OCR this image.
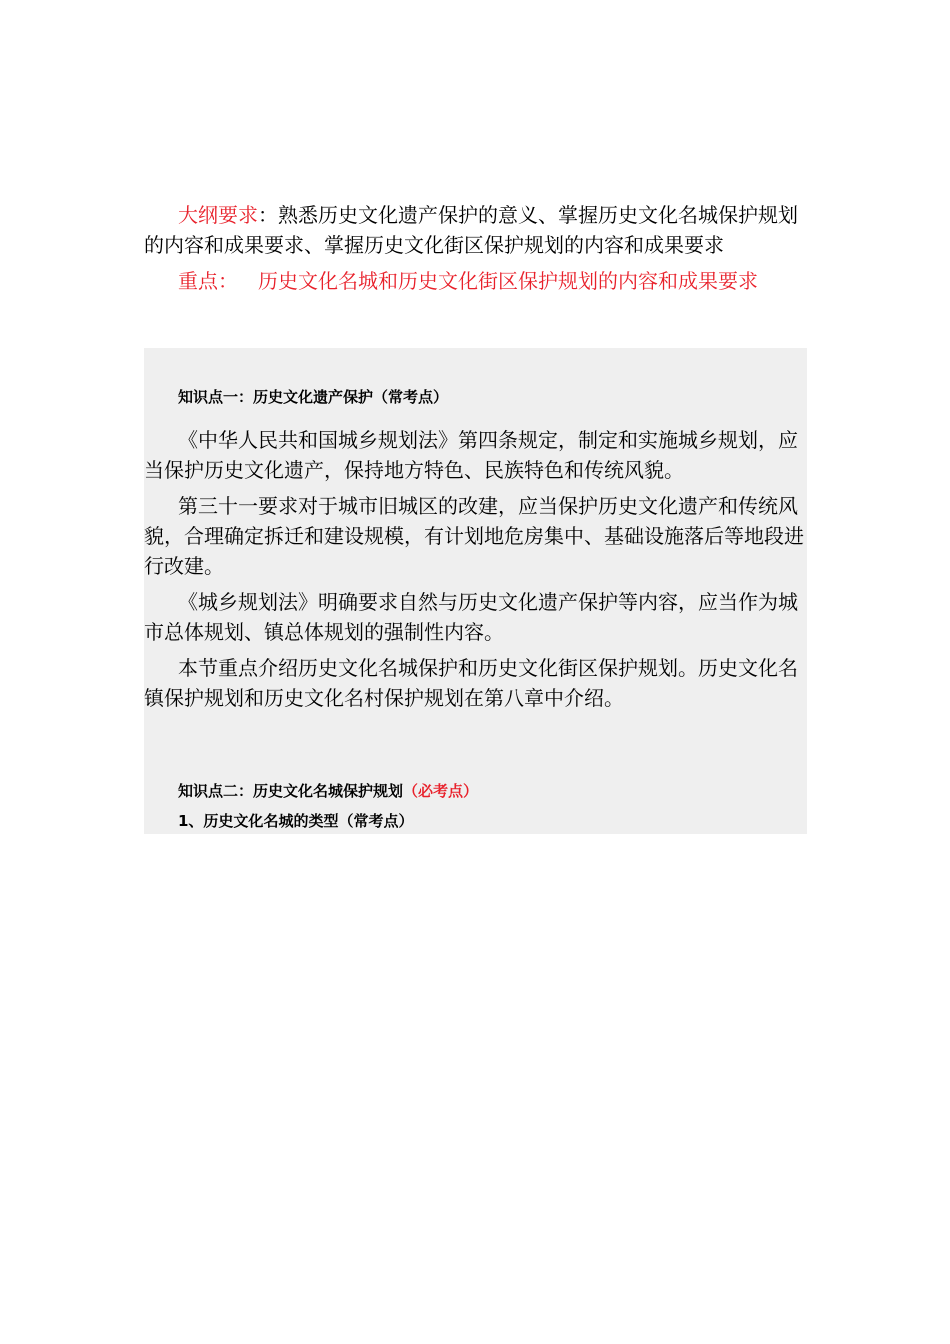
大纲要求：熟悉历史文化遗产保护的意义、掌握历史文化名城保护规划的内容和成果要求、掌握历史文化街区保护规划的内容和成果要求
重点： 历史文化名城和历史文化街区保护规划的内容和成果要求
知识点一：历史文化遗产保护（常考点）
《中华人民共和国城乡规划法》第四条规定，制定和实施城乡规划，应当保护历史文化遗产，保持地方特色、民族特色和传统风貌。
第三十一要求对于城市旧城区的改建，应当保护历史文化遗产和传统风貌，合理确定拆迁和建设规模，有计划地危房集中、基础设施落后等地段进行改建。
《城乡规划法》明确要求自然与历史文化遗产保护等内容，应当作为城市总体规划、镇总体规划的强制性内容。
本节重点介绍历史文化名城保护和历史文化街区保护规划。历史文化名镇保护规划和历史文化名村保护规划在第八章中介绍。
知识点二：历史文化名城保护规划（必考点）
1、历史文化名城的类型（常考点）
